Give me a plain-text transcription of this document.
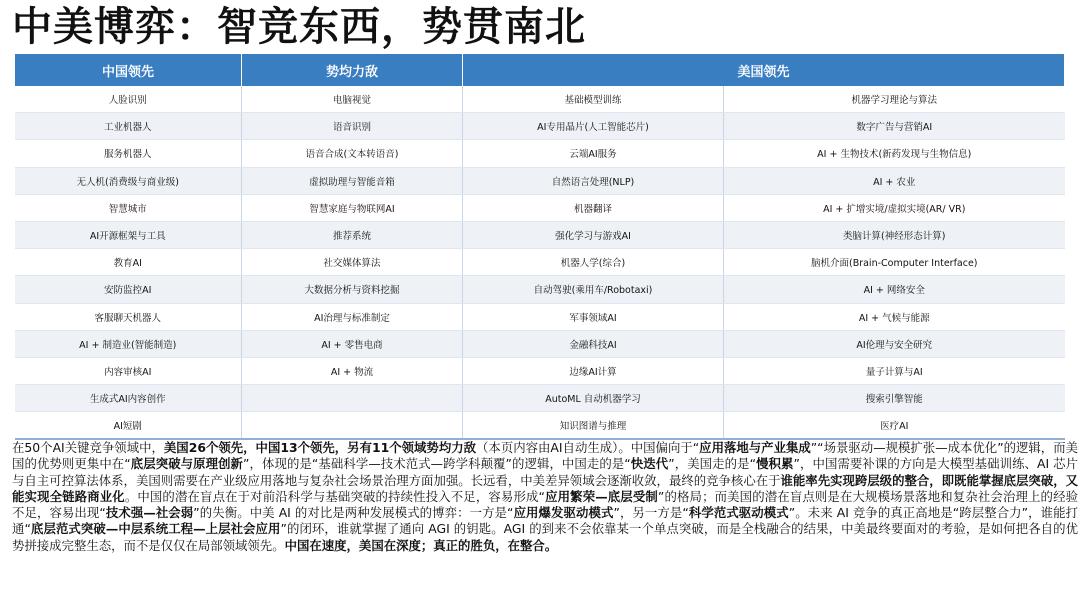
中美博弈：智竞东西，势贯南北
中国领先	势均力敌	美国领先	
人脸识别	电脑视觉	基础模型训练	机器学习理论与算法
工业机器人	语音识别	AI专用晶片(人工智能芯片)	数字广告与营销AI
服务机器人	语音合成(文本转语音)	云端AI服务	AI + 生物技术(新药发现与生物信息)
无人机(消费级与商业级)	虚拟助理与智能音箱	自然语言处理(NLP)	AI + 农业
智慧城市	智慧家庭与物联网AI	机器翻译	AI + 扩增实境/虚拟实境(AR/ VR)
AI开源框架与工具	推荐系统	强化学习与游戏AI	类脑计算(神经形态计算)
教育AI	社交媒体算法	机器人学(综合)	脑机介面(Brain-Computer Interface)
安防监控AI	大数据分析与资料挖掘	自动驾驶(乘用车/Robotaxi)	AI + 网络安全
客服聊天机器人	AI治理与标准制定	军事领域AI	AI + 气候与能源
AI + 制造业(智能制造)	AI + 零售电商	金融科技AI	AI伦理与安全研究
内容审核AI	AI + 物流	边缘AI计算	量子计算与AI
生成式AI内容创作		AutoML 自动机器学习	搜索引擎智能
AI短剧		知识图谱与推理	医疗AI
在50个AI关键竞争领域中，美国26个领先，中国13个领先，另有11个领域势均力敌（本页内容由AI自动生成）。中国偏向于“应用落地与产业集成”“场景驱动—规模扩张—成本优化”的逻辑，而美国的优势则更集中在“底层突破与原理创新”，体现的是“基础科学—技术范式—跨学科颠覆”的逻辑，中国走的是“快迭代”，美国走的是“慢积累”，中国需要补课的方向是大模型基础训练、AI 芯片与自主可控算法体系，美国则需要在产业级应用落地与复杂社会场景治理方面加强。长远看，中美差异领域会逐渐收敛，最终的竞争核心在于谁能率先实现跨层级的整合，即既能掌握底层突破，又能实现全链路商业化。中国的潜在盲点在于对前沿科学与基础突破的持续性投入不足，容易形成“应用繁荣—底层受制”的格局；而美国的潜在盲点则是在大规模场景落地和复杂社会治理上的经验不足，容易出现“技术强—社会弱”的失衡。中美 AI 的对比是两种发展模式的博弈：一方是“应用爆发驱动模式”，另一方是“科学范式驱动模式”。未来 AI 竞争的真正高地是“跨层整合力”，谁能打通“底层范式突破—中层系统工程—上层社会应用”的闭环，谁就掌握了通向 AGI 的钥匙。AGI 的到来不会依靠某一个单点突破，而是全栈融合的结果，中美最终要面对的考验，是如何把各自的优势拼接成完整生态，而不是仅仅在局部领域领先。中国在速度，美国在深度；真正的胜负，在整合。
